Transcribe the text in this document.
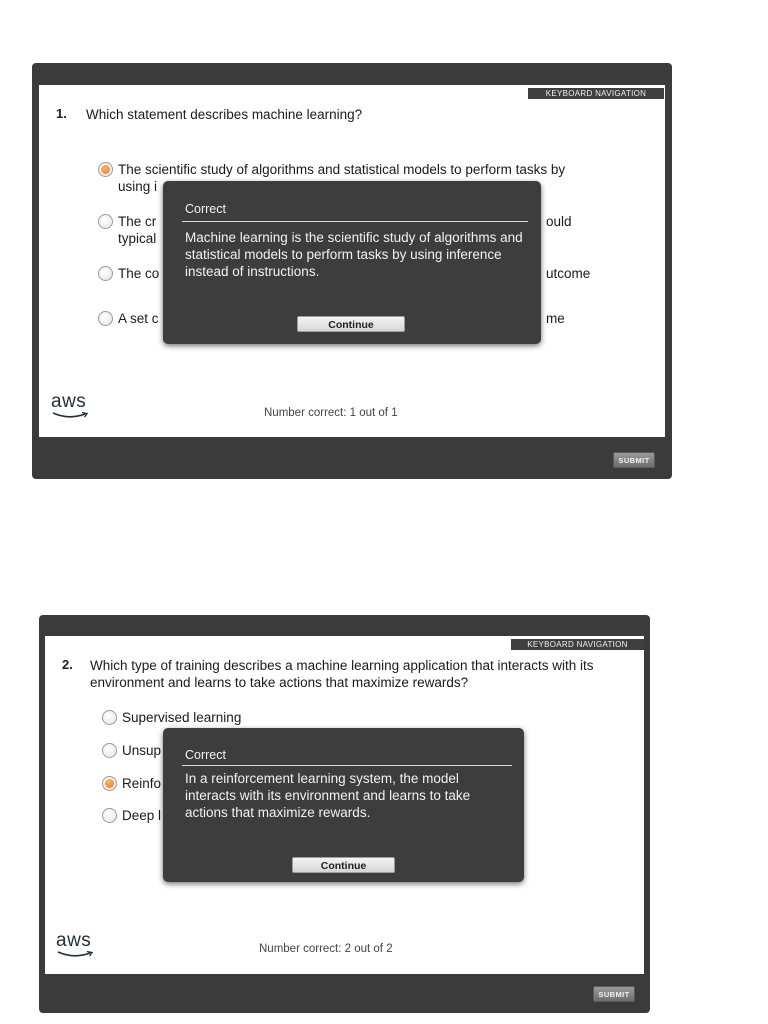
KEYBOARD NAVIGATION
1. Which statement describes machine learning?
The scientific study of algorithms and statistical models to perform tasks by
using i
The cr
typical
ould
The co	utcome
A set c	me
aws
Number correct: 1 out of 1
SUBMIT
Correct
Machine learning is the scientific study of algorithms and statistical models to perform tasks by using inference instead of instructions.
Continue
KEYBOARD NAVIGATION
2. Which type of training describes a machine learning application that interacts with its environment and learns to take actions that maximize rewards?
Supervised learning
Unsup
Reinfo
Deep l
aws	Number correct: 2 out of 2
SUBMIT
Correct
In a reinforcement learning system, the model interacts with its environment and learns to take actions that maximize rewards.
Continue
